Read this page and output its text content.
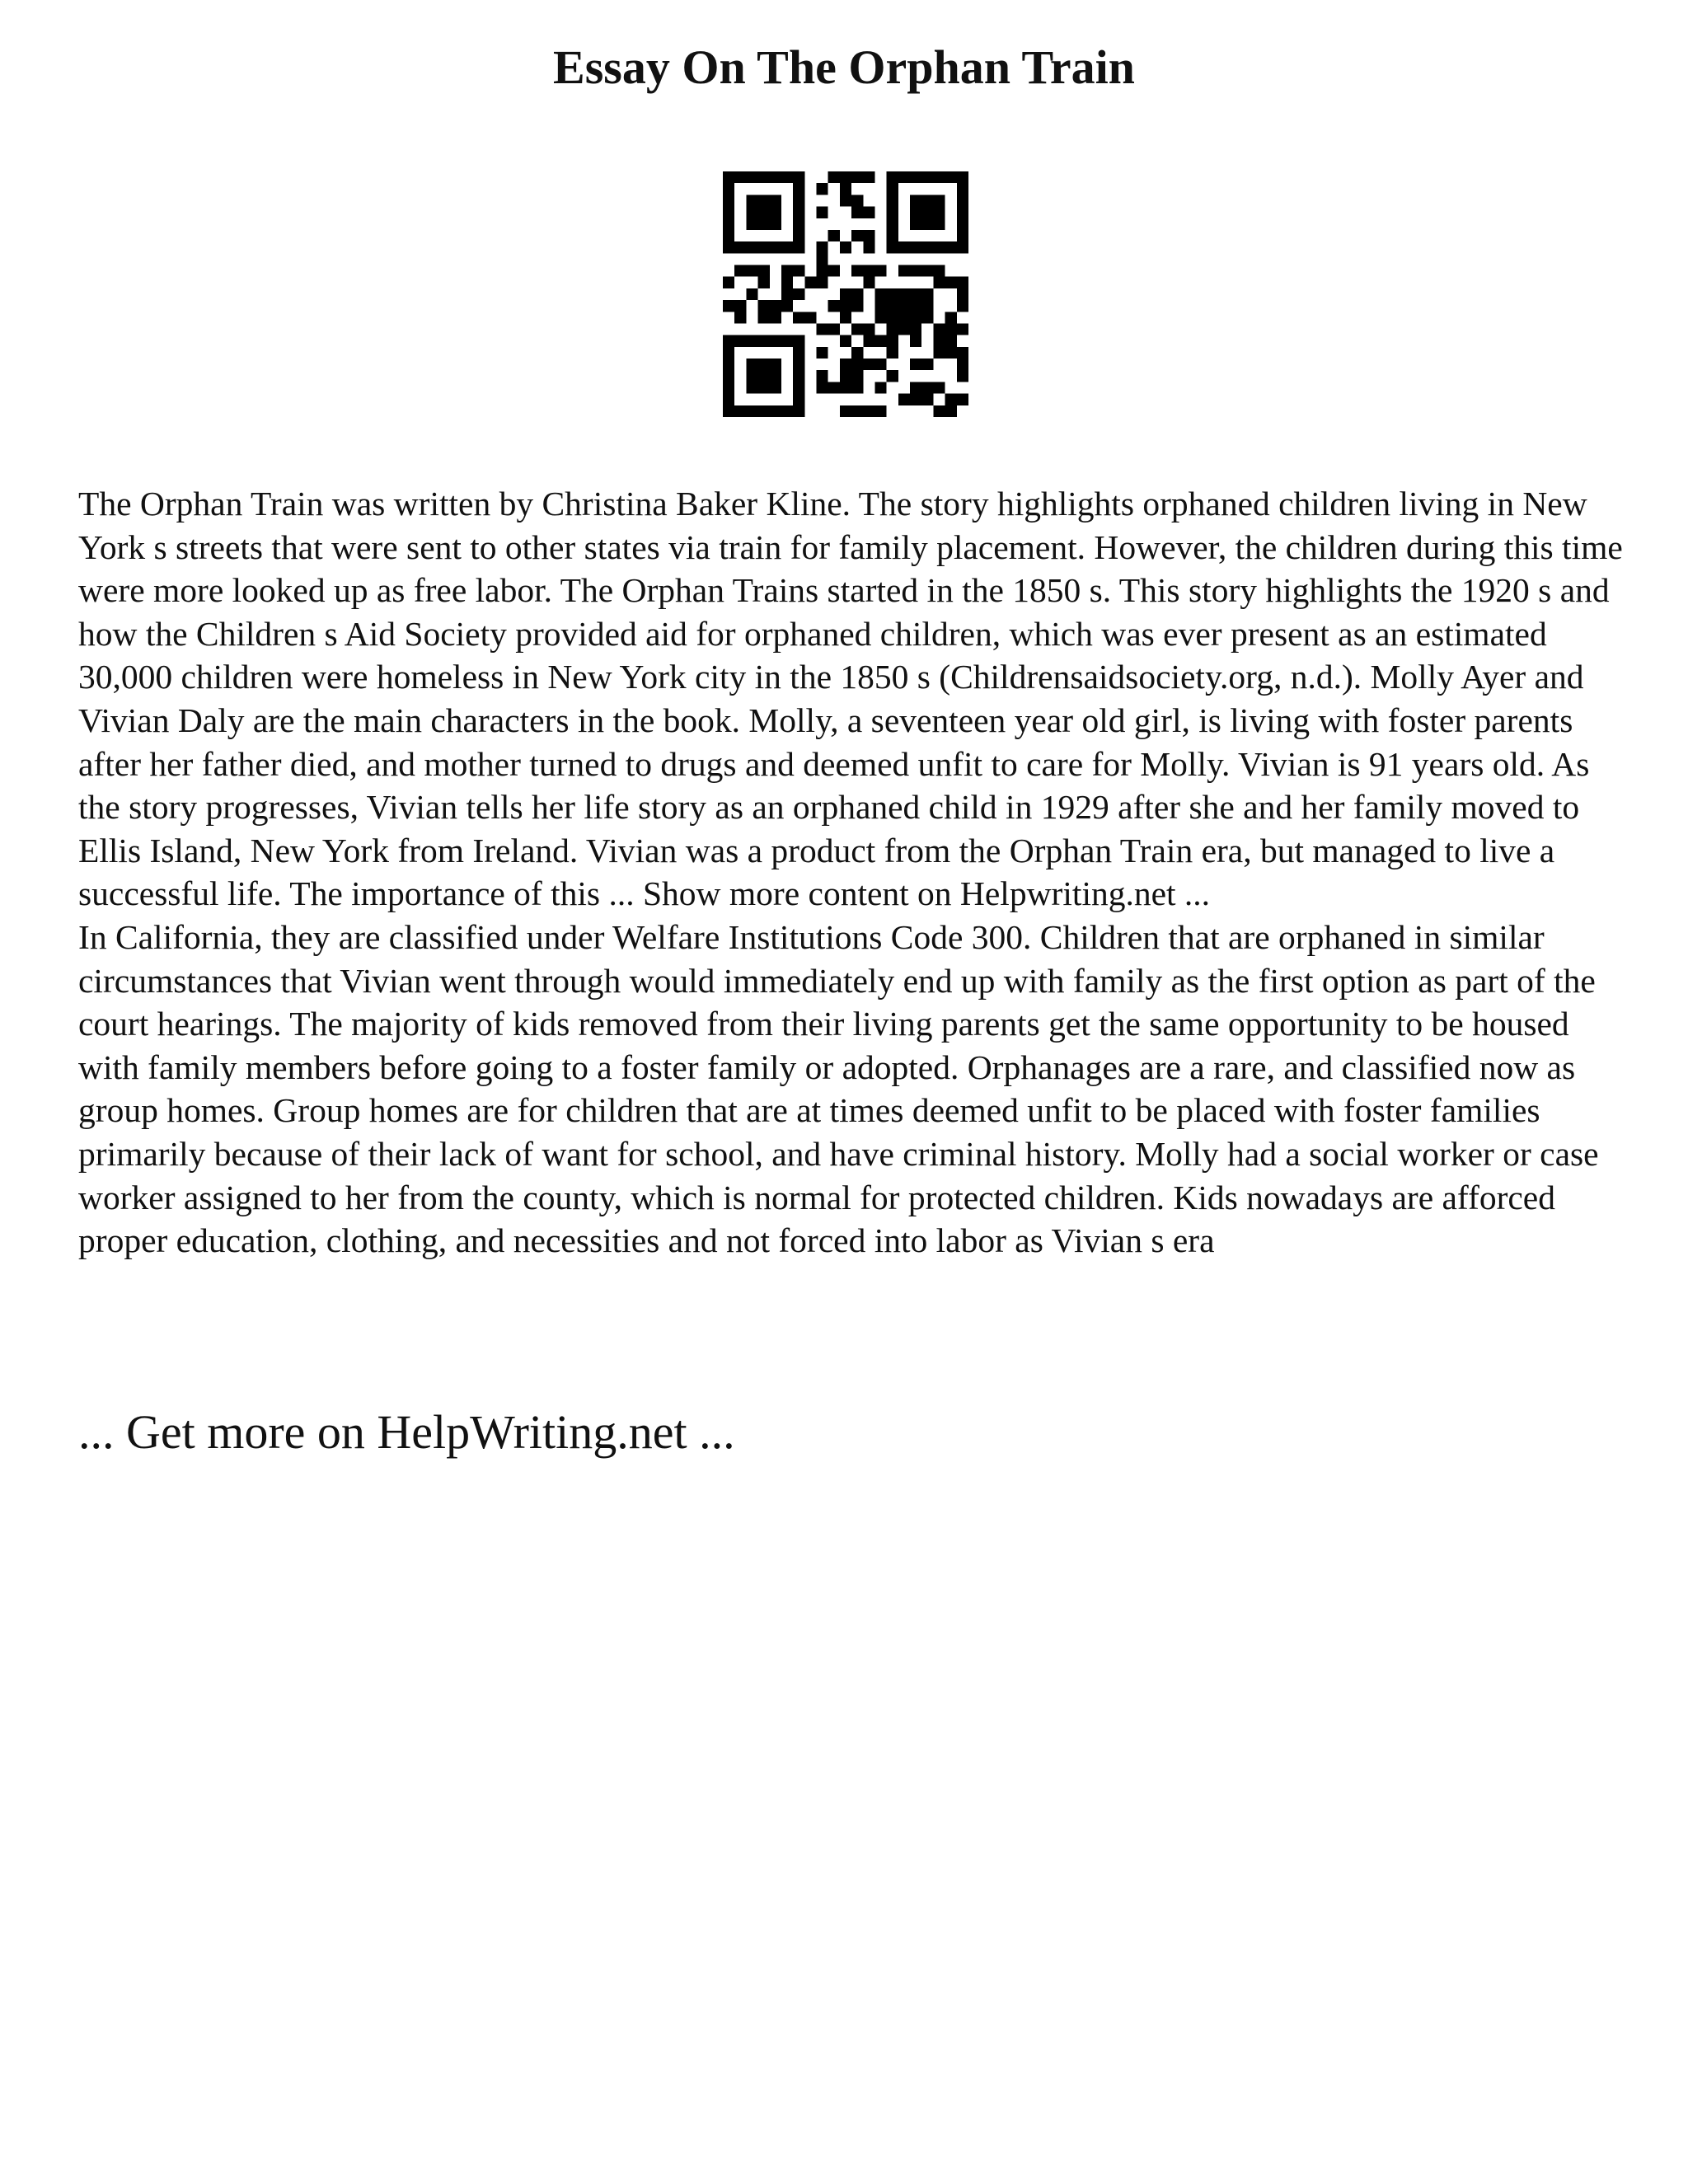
Essay On The Orphan Train

The Orphan Train was written by Christina Baker Kline. The story highlights orphaned children living in New York s streets that were sent to other states via train for family placement. However, the children during this time were more looked up as free labor. The Orphan Trains started in the 1850 s. This story highlights the 1920 s and how the Children s Aid Society provided aid for orphaned children, which was ever present as an estimated 30,000 children were homeless in New York city in the 1850 s (Childrensaidsociety.org, n.d.). Molly Ayer and Vivian Daly are the main characters in the book. Molly, a seventeen year old girl, is living with foster parents after her father died, and mother turned to drugs and deemed unfit to care for Molly. Vivian is 91 years old. As the story progresses, Vivian tells her life story as an orphaned child in 1929 after she and her family moved to Ellis Island, New York from Ireland. Vivian was a product from the Orphan Train era, but managed to live a successful life. The importance of this ... Show more content on Helpwriting.net ...

In California, they are classified under Welfare Institutions Code 300. Children that are orphaned in similar circumstances that Vivian went through would immediately end up with family as the first option as part of the court hearings. The majority of kids removed from their living parents get the same opportunity to be housed with family members before going to a foster family or adopted. Orphanages are a rare, and classified now as group homes. Group homes are for children that are at times deemed unfit to be placed with foster families primarily because of their lack of want for school, and have criminal history. Molly had a social worker or case worker assigned to her from the county, which is normal for protected children. Kids nowadays are afforced proper education, clothing, and necessities and not forced into labor as Vivian s era

... Get more on HelpWriting.net ...
